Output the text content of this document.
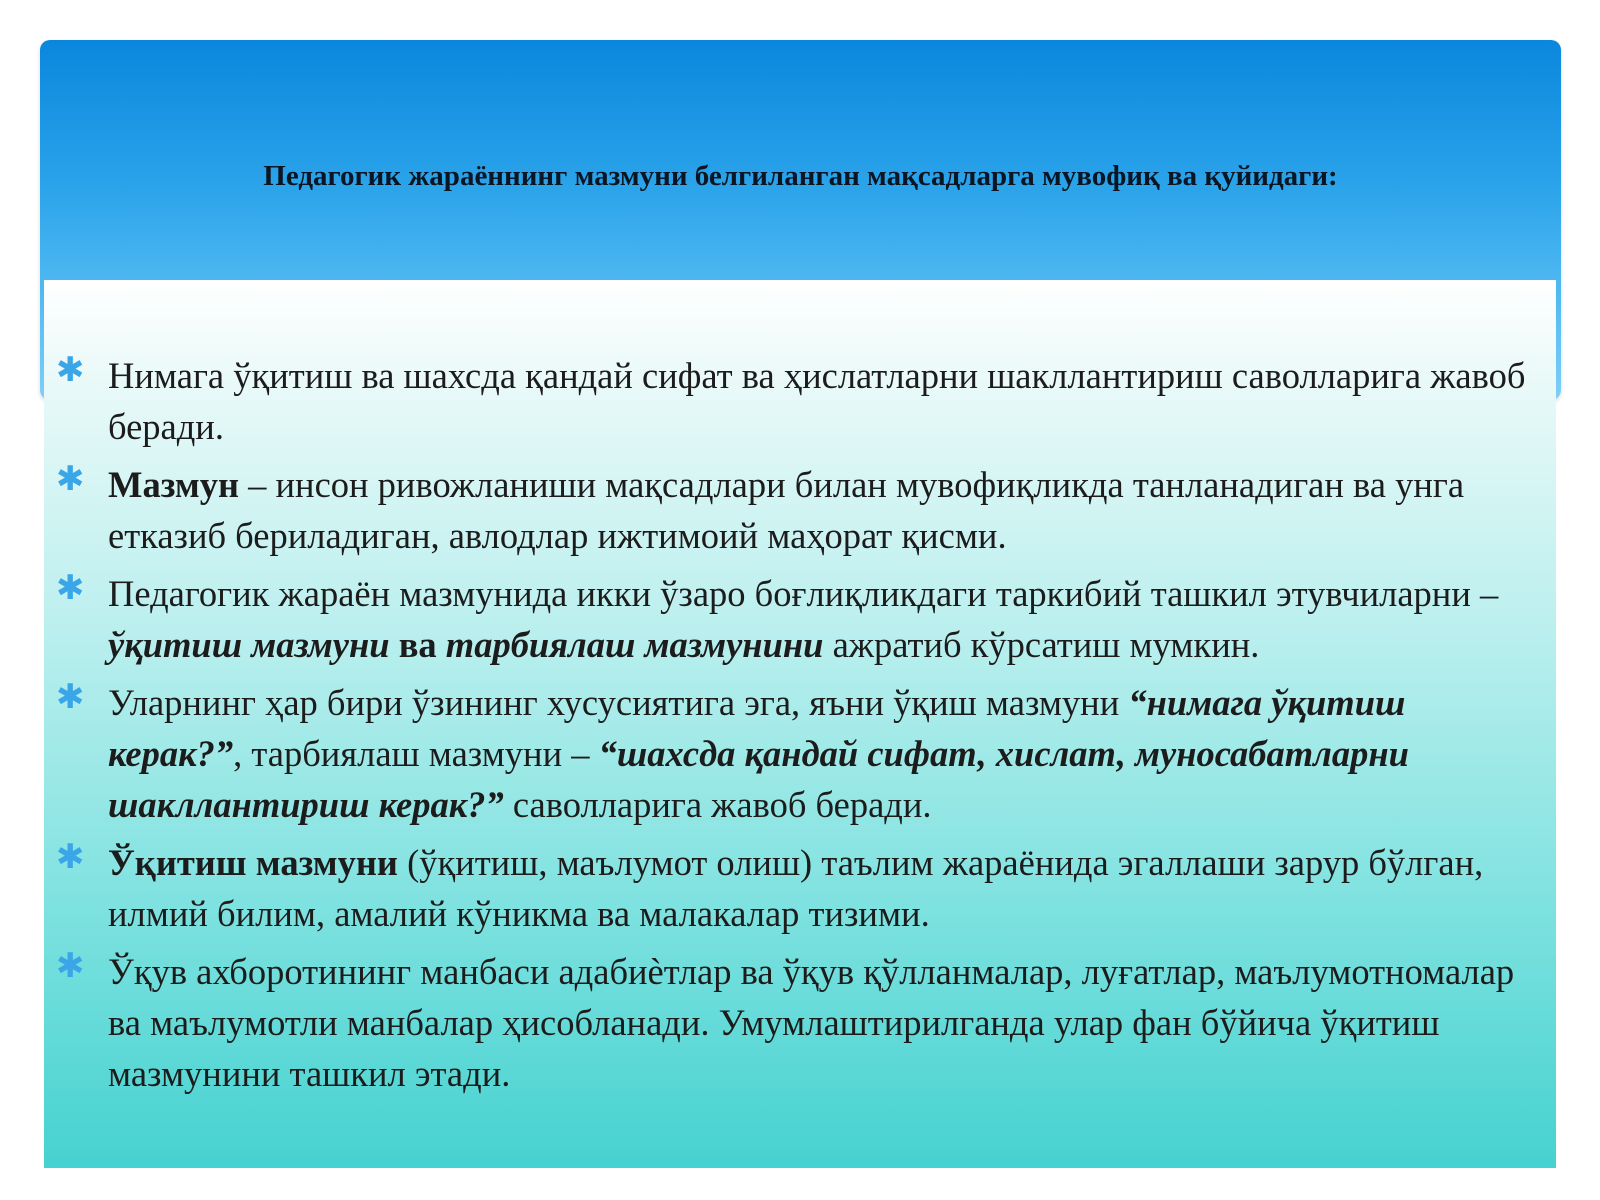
Педагогик жараённинг мазмуни белгиланган мақсадларга мувофиқ ва қуйидаги:
✱ Нимага ўқитиш ва шахсда қандай сифат ва ҳислатларни шакллантириш саволларига жавоб беради.
✱ Мазмун – инсон ривожланиши мақсадлари билан мувофиқликда танланадиган ва унга етказиб бериладиган, авлодлар ижтимоий маҳорат қисми.
✱ Педагогик жараён мазмунида икки ўзаро боғлиқликдаги таркибий ташкил этувчиларни – ўқитиш мазмуни ва тарбиялаш мазмунини ажратиб кўрсатиш мумкин.
✱ Уларнинг ҳар бири ўзининг хусусиятига эга, яъни ўқиш мазмуни “нимага ўқитиш керак?”, тарбиялаш мазмуни – “шахсда қандай сифат, хислат, муносабатларни шакллантириш керак?” саволларига жавоб беради.
✱ Ўқитиш мазмуни (ўқитиш, маълумот олиш) таълим жараёнида эгаллаши зарур бўлган, илмий билим, амалий кўникма ва малакалар тизими.
✱ Ўқув ахборотининг манбаси адабиѐтлар ва ўқув қўлланмалар, луғатлар, маълумотномалар ва маълумотли манбалар ҳисобланади. Умумлаштирилганда улар фан бўйича ўқитиш мазмунини ташкил этади.
